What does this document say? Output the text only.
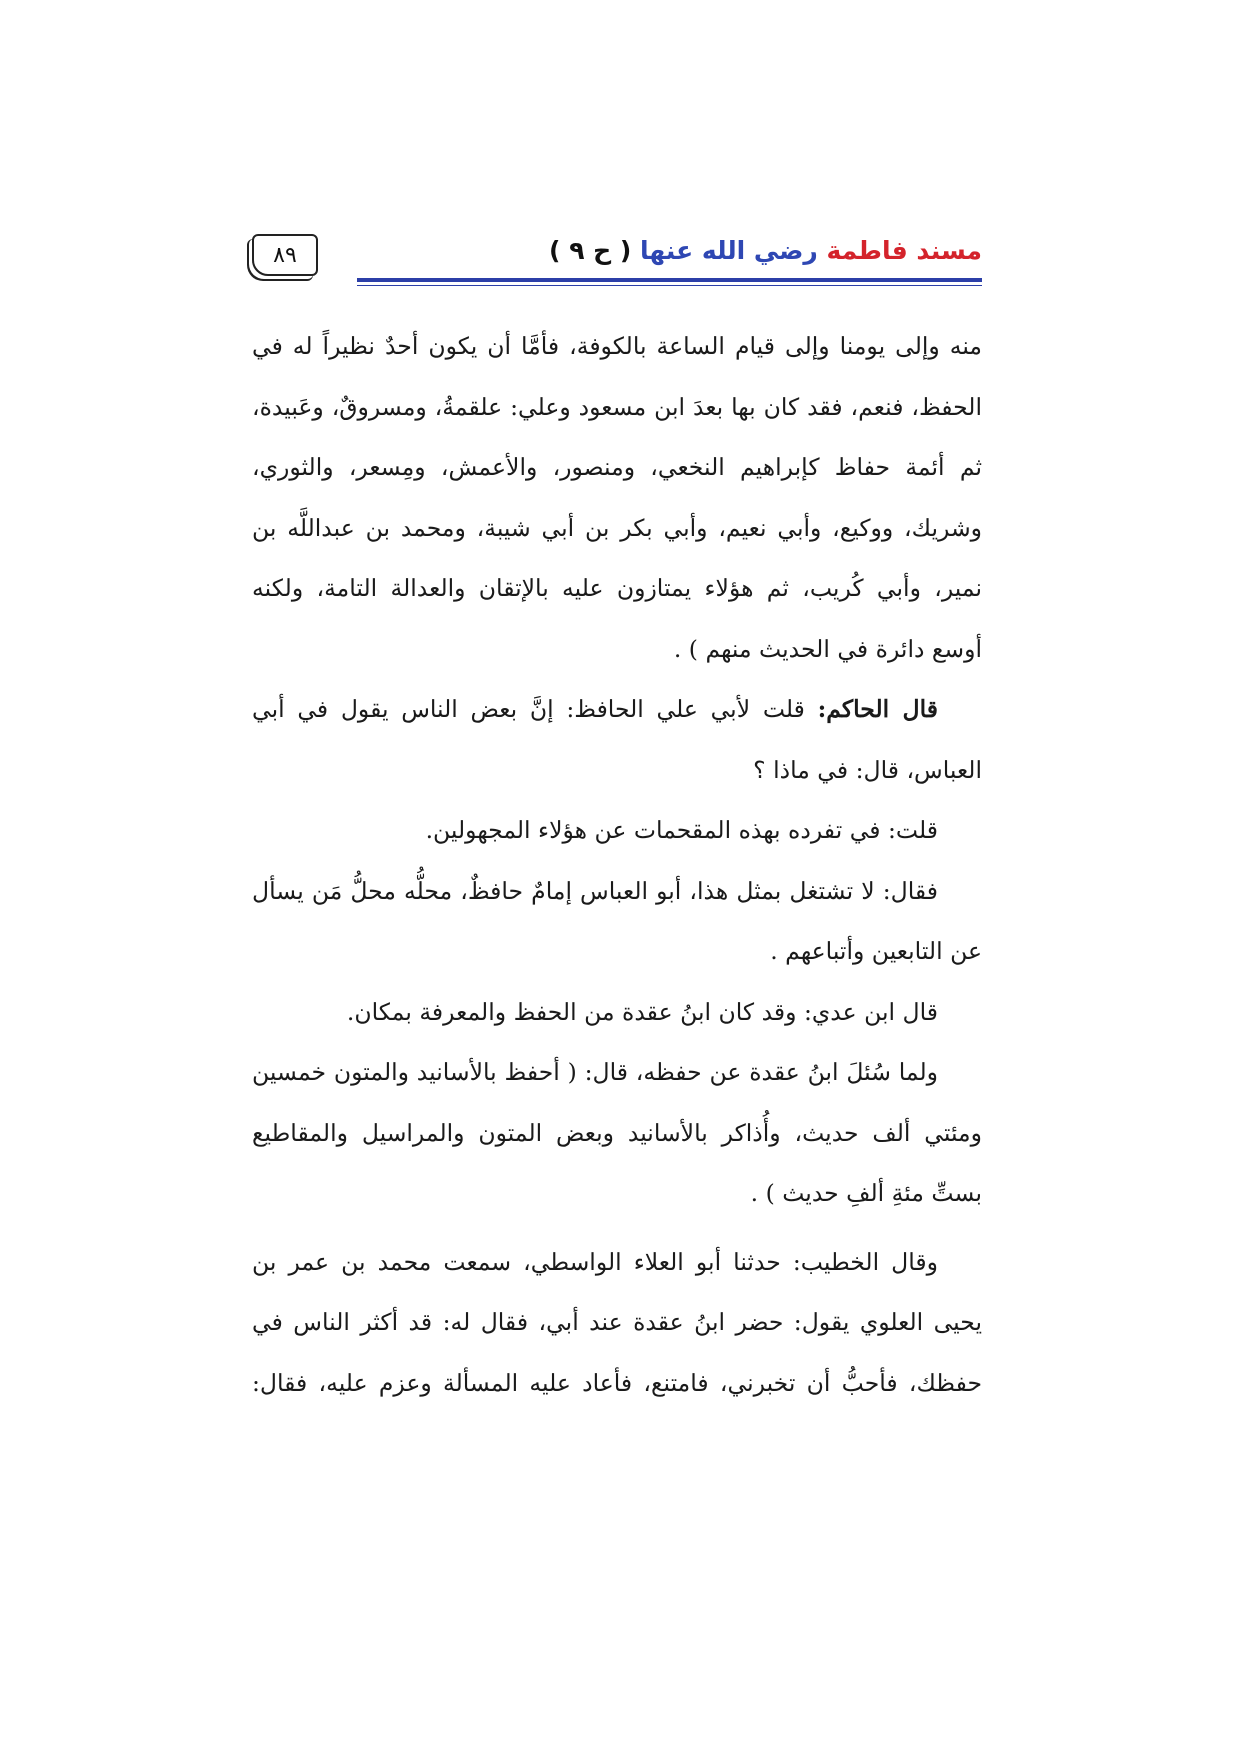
مسند فاطمة رضي الله عنها ( ح ٩ )
٨٩
منه وإلى يومنا وإلى قيام الساعة بالكوفة، فأمَّا أن يكون أحدٌ نظيراً له في
الحفظ، فنعم، فقد كان بها بعدَ ابن مسعود وعلي: علقمةُ، ومسروقٌ، وعَبيدة،
ثم أئمة حفاظ كإبراهيم النخعي، ومنصور، والأعمش، ومِسعر، والثوري،
وشريك، ووكيع، وأبي نعيم، وأبي بكر بن أبي شيبة، ومحمد بن عبداللَّه بن
نمير، وأبي كُريب، ثم هؤلاء يمتازون عليه بالإتقان والعدالة التامة، ولكنه
أوسع دائرة في الحديث منهم ) .
قال الحاكم: قلت لأبي علي الحافظ: إنَّ بعض الناس يقول في أبي
العباس، قال: في ماذا ؟
قلت: في تفرده بهذه المقحمات عن هؤلاء المجهولين.
فقال: لا تشتغل بمثل هذا، أبو العباس إمامٌ حافظٌ، محلُّه محلُّ مَن يسأل
عن التابعين وأتباعهم .
قال ابن عدي: وقد كان ابنُ عقدة من الحفظ والمعرفة بمكان.
ولما سُئلَ ابنُ عقدة عن حفظه، قال: ( أحفظ بالأسانيد والمتون خمسين
ومئتي ألف حديث، وأُذاكر بالأسانيد وبعض المتون والمراسيل والمقاطيع
بستِّ مئةِ ألفِ حديث ) .
وقال الخطيب: حدثنا أبو العلاء الواسطي، سمعت محمد بن عمر بن
يحيى العلوي يقول: حضر ابنُ عقدة عند أبي، فقال له: قد أكثر الناس في
حفظك، فأحبُّ أن تخبرني، فامتنع، فأعاد عليه المسألة وعزم عليه، فقال:
